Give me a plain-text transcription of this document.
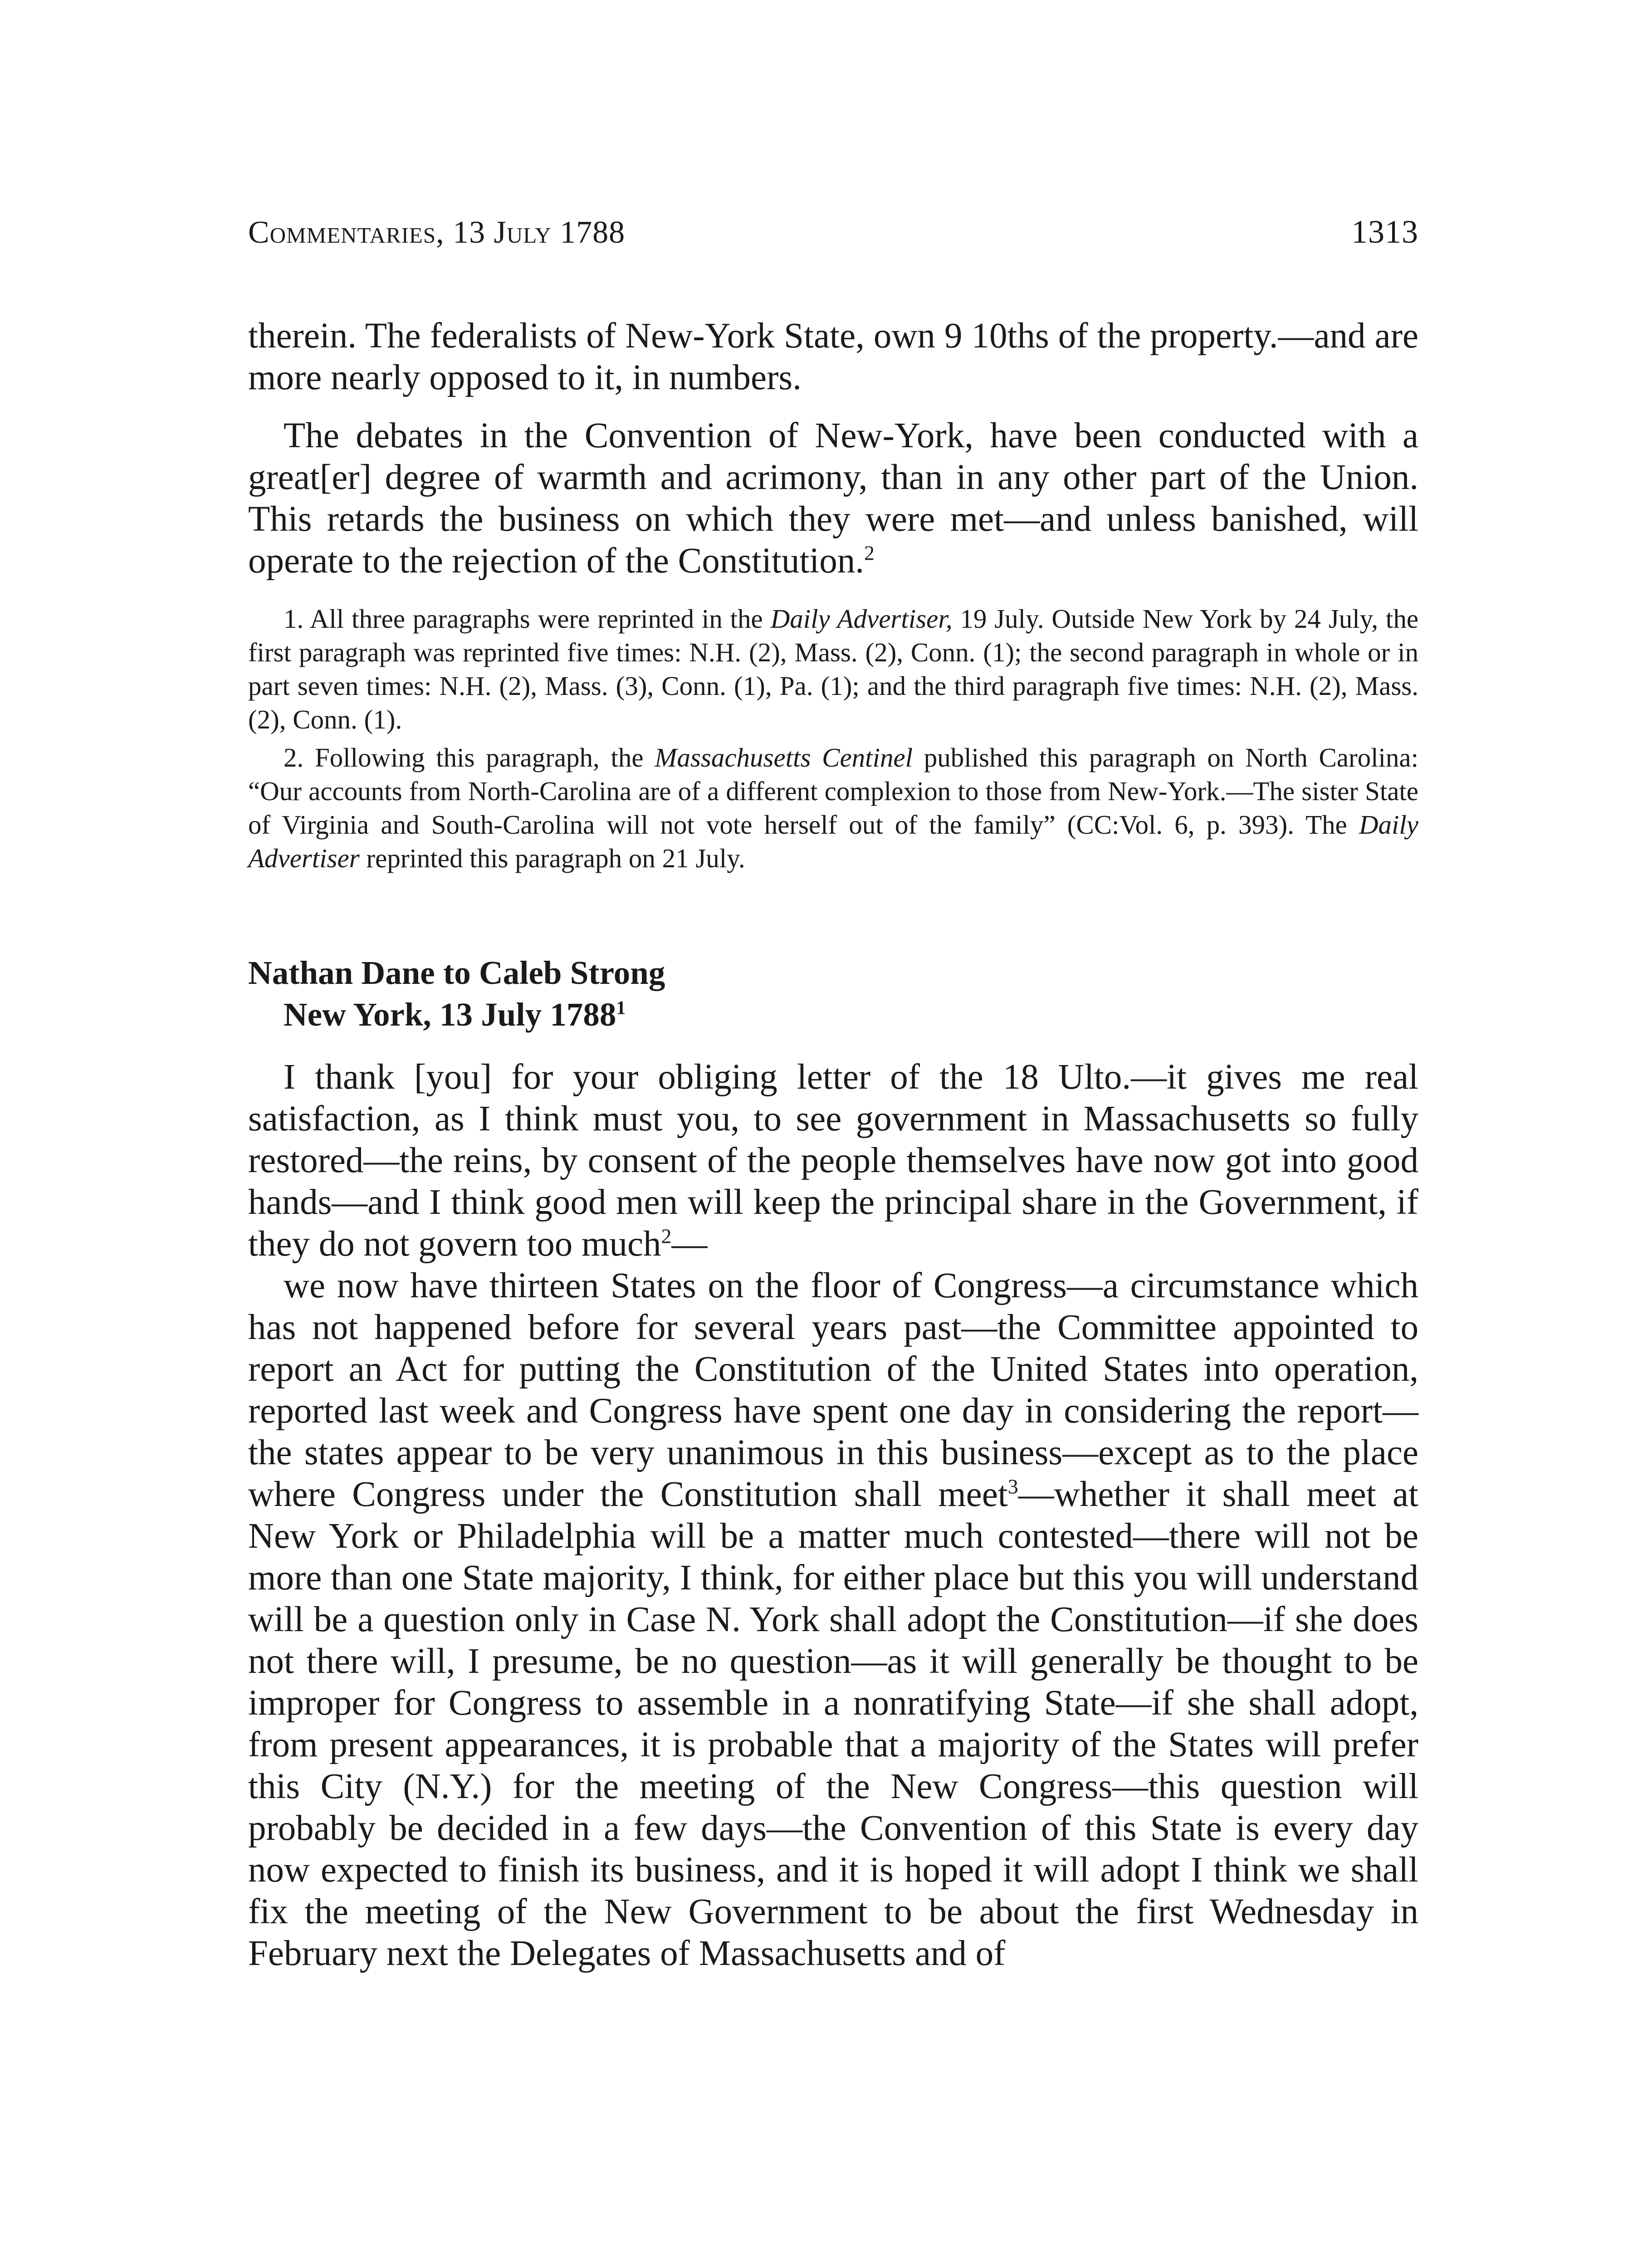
Commentaries, 13 July 1788	1313

therein. The federalists of New-York State, own 9 10ths of the property.—and are more nearly opposed to it, in numbers.

The debates in the Convention of New-York, have been conducted with a great[er] degree of warmth and acrimony, than in any other part of the Union. This retards the business on which they were met—and unless banished, will operate to the rejection of the Constitution.$^2$

1. All three paragraphs were reprinted in the Daily Advertiser, 19 July. Outside New York by 24 July, the first paragraph was reprinted five times: N.H. (2), Mass. (2), Conn. (1); the second paragraph in whole or in part seven times: N.H. (2), Mass. (3), Conn. (1), Pa. (1); and the third paragraph five times: N.H. (2), Mass. (2), Conn. (1).

2. Following this paragraph, the Massachusetts Centinel published this paragraph on North Carolina: “Our accounts from North-Carolina are of a different complexion to those from New-York.—The sister State of Virginia and South-Carolina will not vote herself out of the family” (CC:Vol. 6, p. 393). The Daily Advertiser reprinted this paragraph on 21 July.

Nathan Dane to Caleb Strong
New York, 13 July 1788$^1$

I thank [you] for your obliging letter of the 18 Ulto.—it gives me real satisfaction, as I think must you, to see government in Massachusetts so fully restored—the reins, by consent of the people themselves have now got into good hands—and I think good men will keep the principal share in the Government, if they do not govern too much$^2$—

we now have thirteen States on the floor of Congress—a circumstance which has not happened before for several years past—the Committee appointed to report an Act for putting the Constitution of the United States into operation, reported last week and Congress have spent one day in considering the report—the states appear to be very unanimous in this business—except as to the place where Congress under the Constitution shall meet$^3$—whether it shall meet at New York or Philadelphia will be a matter much contested—there will not be more than one State majority, I think, for either place but this you will understand will be a question only in Case N. York shall adopt the Constitution—if she does not there will, I presume, be no question—as it will generally be thought to be improper for Congress to assemble in a nonratifying State—if she shall adopt, from present appearances, it is probable that a majority of the States will prefer this City (N.Y.) for the meeting of the New Congress—this question will probably be decided in a few days—the Convention of this State is every day now expected to finish its business, and it is hoped it will adopt I think we shall fix the meeting of the New Government to be about the first Wednesday in February next the Delegates of Massachusetts and of
